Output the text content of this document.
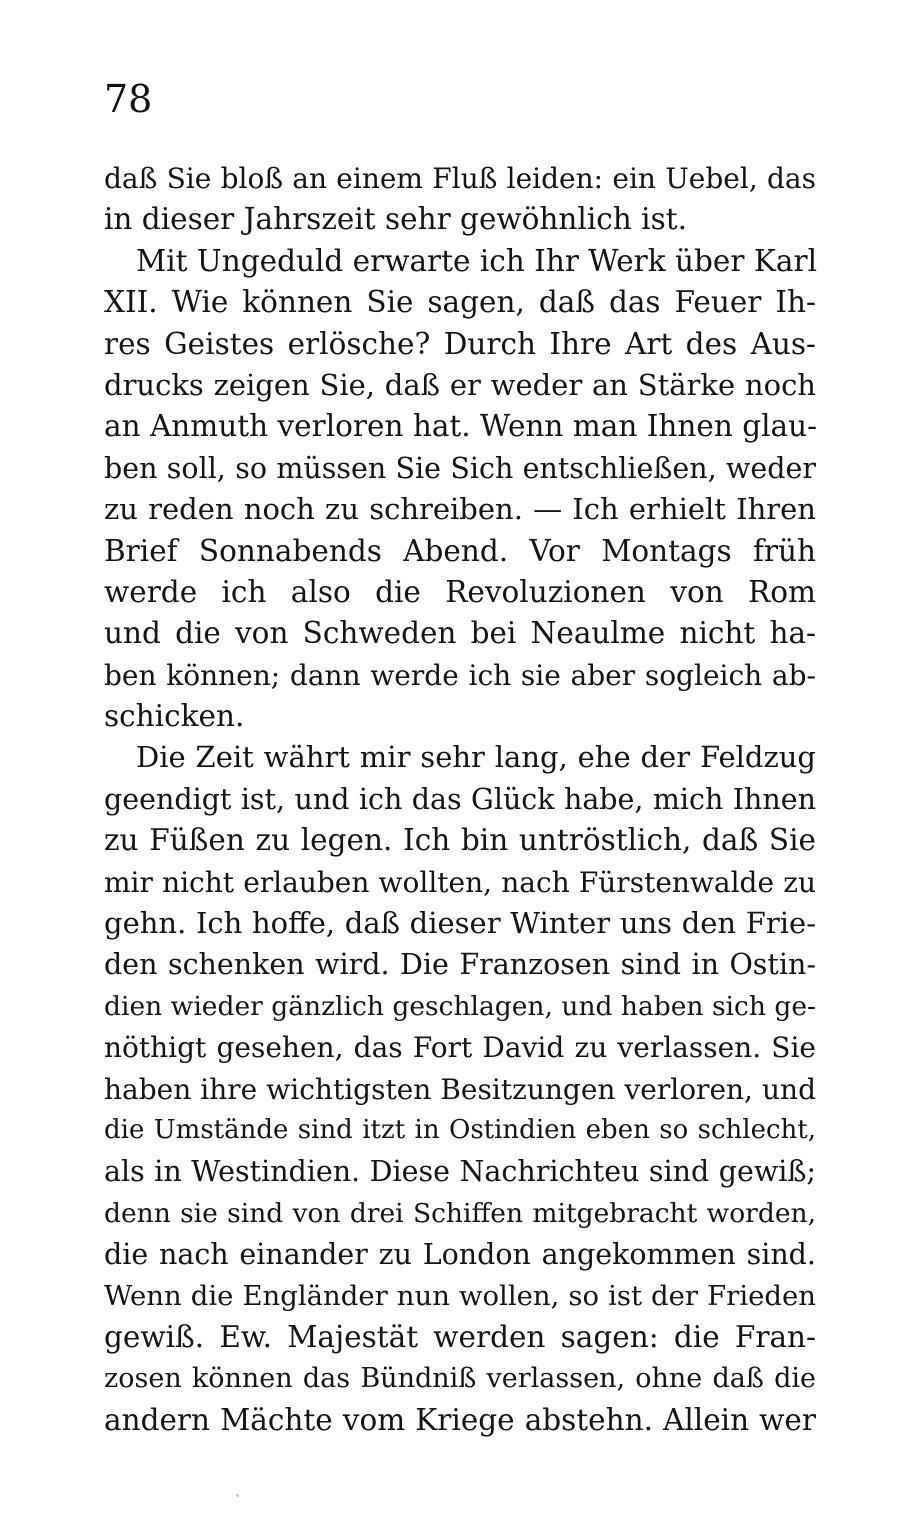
78
daß Sie bloß an einem Fluß leiden: ein Uebel, das
in dieser Jahrszeit sehr gewöhnlich ist.
Mit Ungeduld erwarte ich Ihr Werk über Karl
XII. Wie können Sie sagen, daß das Feuer Ih-
res Geistes erlösche? Durch Ihre Art des Aus-
drucks zeigen Sie, daß er weder an Stärke noch
an Anmuth verloren hat. Wenn man Ihnen glau-
ben soll, so müssen Sie Sich entschließen, weder
zu reden noch zu schreiben. — Ich erhielt Ihren
Brief Sonnabends Abend. Vor Montags früh
werde ich also die Revoluzionen von Rom
und die von Schweden bei Neaulme nicht ha-
ben können; dann werde ich sie aber sogleich ab-
schicken.
Die Zeit währt mir sehr lang, ehe der Feldzug
geendigt ist, und ich das Glück habe, mich Ihnen
zu Füßen zu legen. Ich bin untröstlich, daß Sie
mir nicht erlauben wollten, nach Fürstenwalde zu
gehn. Ich hoffe, daß dieser Winter uns den Frie-
den schenken wird. Die Franzosen sind in Ostin-
dien wieder gänzlich geschlagen, und haben sich ge-
nöthigt gesehen, das Fort David zu verlassen. Sie
haben ihre wichtigsten Besitzungen verloren, und
die Umstände sind itzt in Ostindien eben so schlecht,
als in Westindien. Diese Nachrichteu sind gewiß;
denn sie sind von drei Schiffen mitgebracht worden,
die nach einander zu London angekommen sind.
Wenn die Engländer nun wollen, so ist der Frieden
gewiß. Ew. Majestät werden sagen: die Fran-
zosen können das Bündniß verlassen, ohne daß die
andern Mächte vom Kriege abstehn. Allein wer
